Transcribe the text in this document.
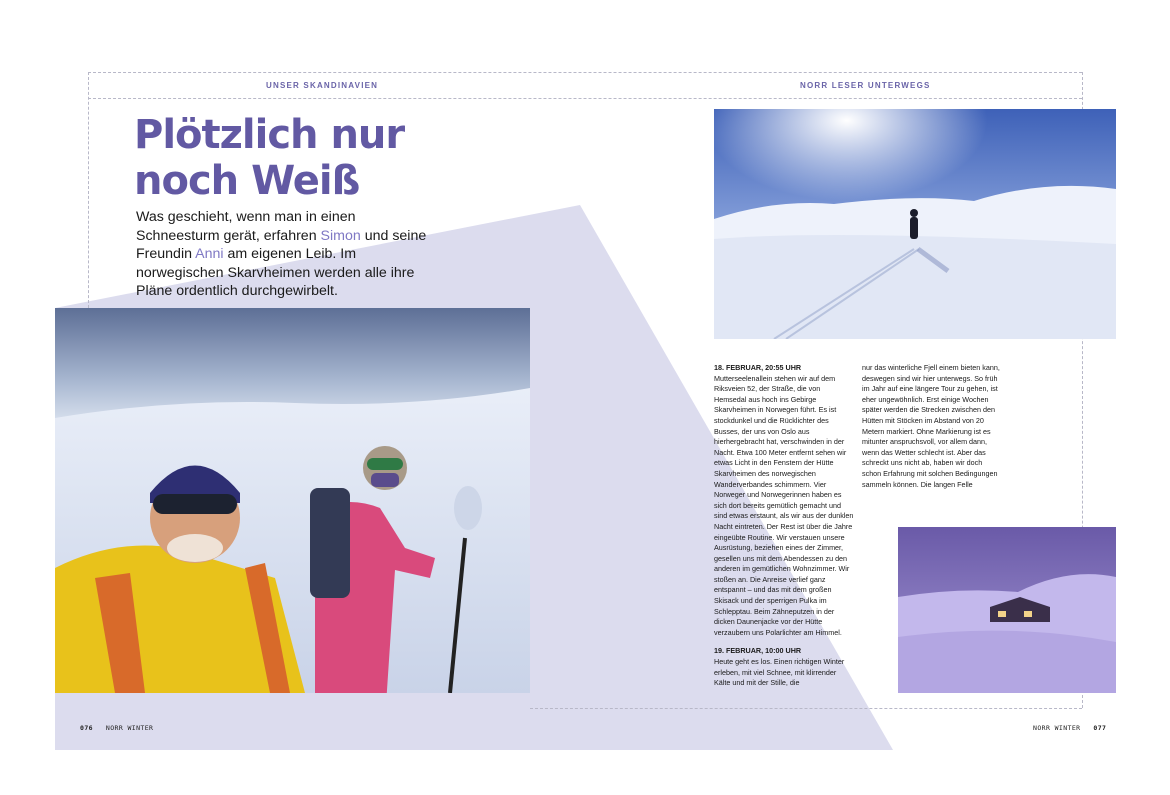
UNSER SKANDINAVIEN	NORR LESER UNTERWEGS
Plötzlich nur
noch Weiß

Was geschieht, wenn man in einen Schneesturm gerät, erfahren Simon und seine Freundin Anni am eigenen Leib. Im norwegischen Skarvheimen werden alle ihre Pläne ordentlich durchgewirbelt.

18. FEBRUAR, 20:55 UHR
Mutterseelenallein stehen wir auf dem Riksveien 52, der Straße, die von Hemsedal aus hoch ins Gebirge Skarvheimen in Norwegen führt. Es ist stockdunkel und die Rücklichter des Busses, der uns von Oslo aus hierhergebracht hat, verschwinden in der Nacht. Etwa 100 Meter entfernt sehen wir etwas Licht in den Fenstern der Hütte Skarvheimen des norwegischen Wanderverbandes schimmern. Vier Norweger und Norwegerinnen haben es sich dort bereits gemütlich gemacht und sind etwas erstaunt, als wir aus der dunklen Nacht eintreten. Der Rest ist über die Jahre eingeübte Routine. Wir verstauen unsere Ausrüstung, beziehen eines der Zimmer, gesellen uns mit dem Abendessen zu den anderen im gemütlichen Wohnzimmer. Wir stoßen an. Die Anreise verlief ganz entspannt – und das mit dem großen Skisack und der sperrigen Pulka im Schlepptau. Beim Zähneputzen in der dicken Daunenjacke vor der Hütte verzaubern uns Polarlichter am Himmel.
19. FEBRUAR, 10:00 UHR
Heute geht es los. Einen richtigen Winter erleben, mit viel Schnee, mit klirrender Kälte und mit der Stille, die

nur das winterliche Fjell einem bieten kann, deswegen sind wir hier unterwegs. So früh im Jahr auf eine längere Tour zu gehen, ist eher ungewöhnlich. Erst einige Wochen später werden die Strecken zwischen den Hütten mit Stöcken im Abstand von 20 Metern markiert. Ohne Markierung ist es mitunter anspruchsvoll, vor allem dann, wenn das Wetter schlecht ist. Aber das schreckt uns nicht ab, haben wir doch schon Erfahrung mit solchen Bedingungen sammeln können. Die langen Felle

076 NORR WINTER	NORR WINTER 077
